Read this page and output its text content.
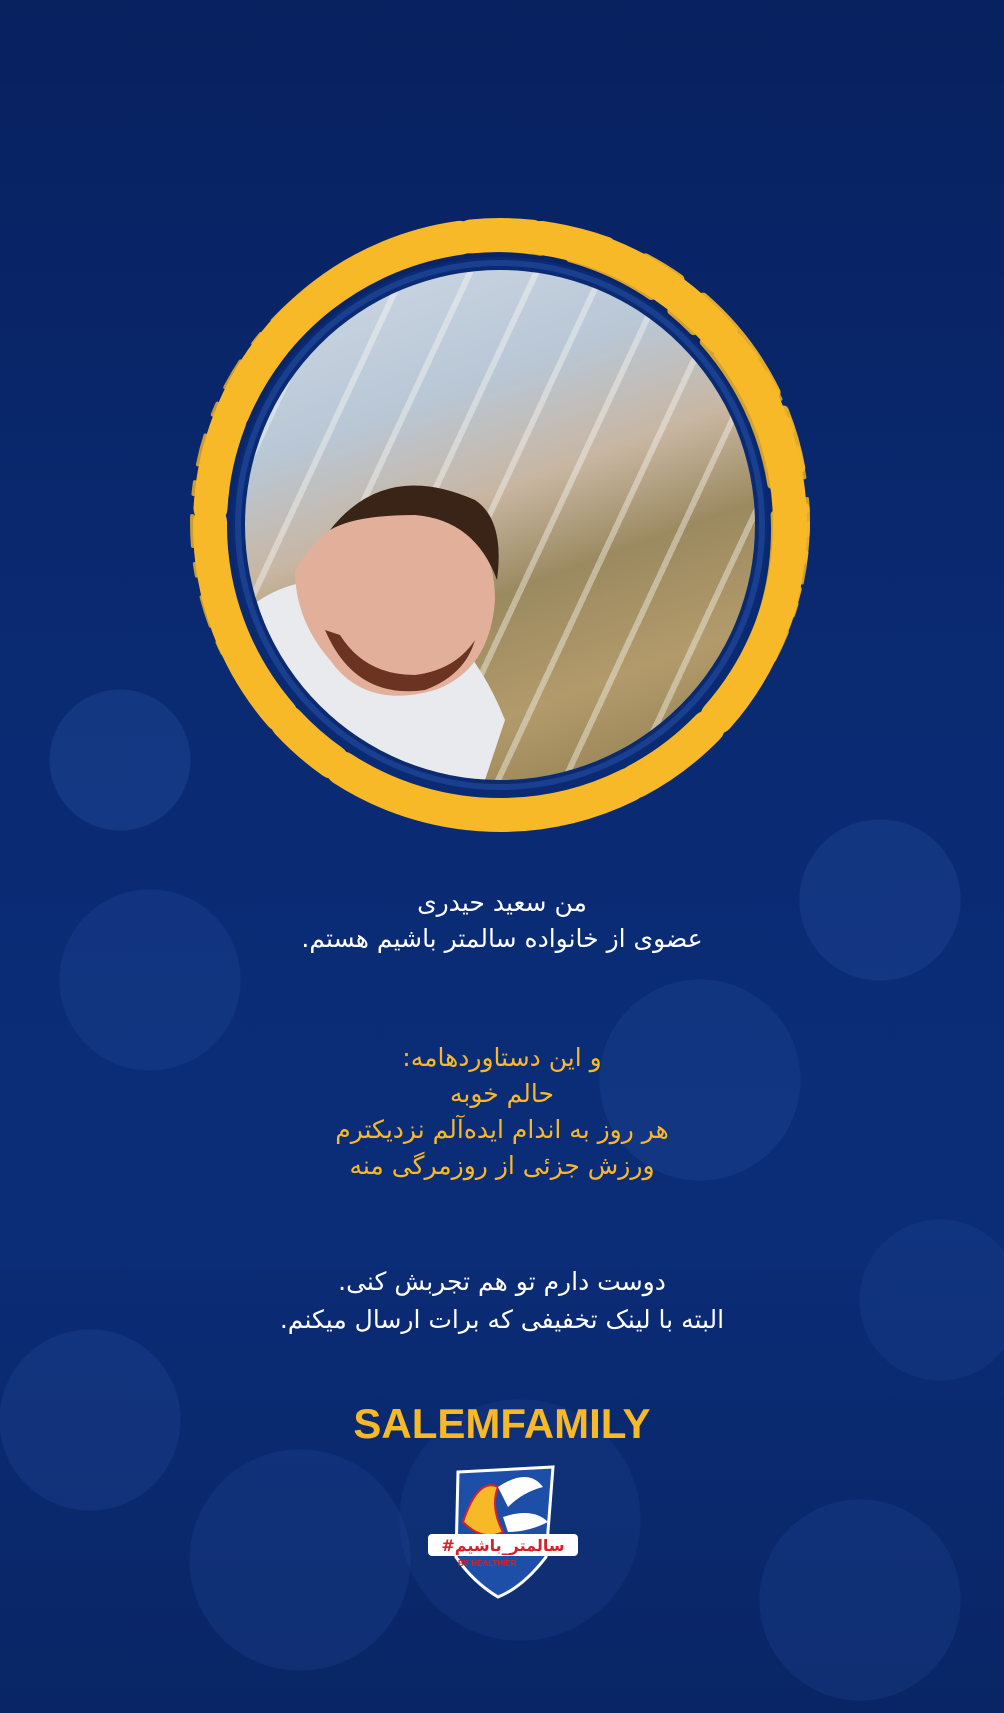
من سعید حیدری
عضوی از خانواده سالمتر باشیم هستم.
و این دستاوردهامه:
حالم خوبه
هر روز به اندام ایده‌آلم نزدیکترم
ورزش جزئی از روزمرگی منه
دوست دارم تو هم تجربش کنی.
البته با لینک تخفیفی که برات ارسال میکنم.
SALEMFAMILY
#سالمتر_باشیم
BE HEALTHIER
